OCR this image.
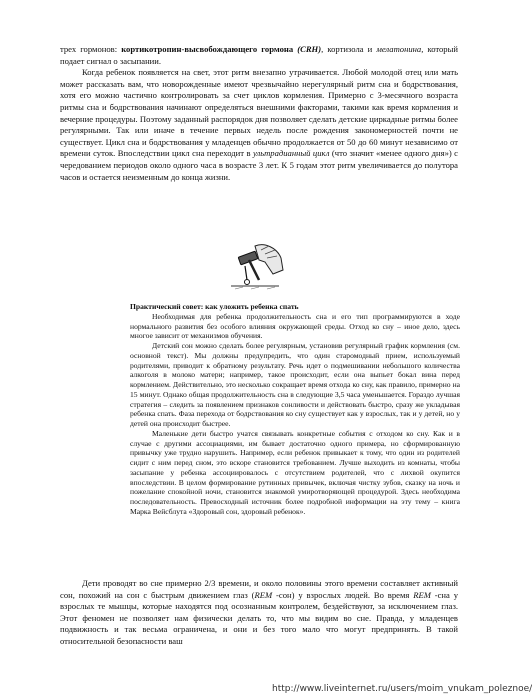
трех гормонов: кортикотропин-высвобождающего гормона (CRH), кортизола и мелатонина, который подает сигнал о засыпании.

Когда ребенок появляется на свет, этот ритм внезапно утрачивается. Любой молодой отец или мать может рассказать вам, что новорожденные имеют чрезвычайно нерегулярный ритм сна и бодрствования, хотя его можно частично контролировать за счет циклов кормления. Примерно с 3-месячного возраста ритмы сна и бодрствования начинают определяться внешними факторами, такими как время кормления и вечерние процедуры. Поэтому заданный распорядок дня позволяет сделать детские циркадные ритмы более регулярными. Так или иначе в течение первых недель после рождения закономерностей почти не существует. Цикл сна и бодрствования у младенцев обычно продолжается от 50 до 60 минут независимо от времени суток. Впоследствии цикл сна переходит в ультрадианный цикл (что значит «менее одного дня») с чередованием периодов около одного часа в возрасте 3 лет. К 5 годам этот ритм увеличивается до полутора часов и остается неизменным до конца жизни.

Практический совет: как уложить ребенка спать

Необходимая для ребенка продолжительность сна и его тип программируются в ходе нормального развития без особого влияния окружающей среды. Отход ко сну – иное дело, здесь многое зависит от механизмов обучения.

Детский сон можно сделать более регулярным, установив регулярный график кормления (см. основной текст). Мы должны предупредить, что один старомодный прием, используемый родителями, приводит к обратному результату. Речь идет о подмешивании небольшого количества алкоголя в молоко матери; например, такое происходит, если она выпьет бокал вина перед кормлением. Действительно, это несколько сокращает время отхода ко сну, как правило, примерно на 15 минут. Однако общая продолжительность сна в следующие 3,5 часа уменьшается. Гораздо лучшая стратегия – следить за появлением признаков сонливости и действовать быстро, сразу же укладывая ребенка спать. Фаза перехода от бодрствования ко сну существует как у взрослых, так и у детей, но у детей она происходит быстрее.

Маленькие дети быстро учатся связывать конкретные события с отходом ко сну. Как и в случае с другими ассоциациями, им бывает достаточно одного примера, но сформированную привычку уже трудно нарушить. Например, если ребенок привыкает к тому, что один из родителей сидит с ним перед сном, это вскоре становится требованием. Лучше выходить из комнаты, чтобы засыпание у ребенка ассоциировалось с отсутствием родителей, что с лихвой окупится впоследствии. В целом формирование рутинных привычек, включая чистку зубов, сказку на ночь и пожелание спокойной ночи, становится знакомой умиротворяющей процедурой. Здесь необходима последовательность. Превосходный источник более подробной информации на эту тему – книга Марка Вейсблута «Здоровый сон, здоровый ребенок».

Дети проводят во сне примерно 2/3 времени, и около половины этого времени составляет активный сон, похожий на сон с быстрым движением глаз (REM -сон) у взрослых людей. Во время REM -сна у взрослых те мышцы, которые находятся под осознанным контролем, бездействуют, за исключением глаз. Этот феномен не позволяет нам физически делать то, что мы видим во сне. Правда, у младенцев подвижность и так весьма ограничена, и они и без того мало что могут предпринять. В такой относительной безопасности ваш

http://www.liveinternet.ru/users/moim_vnukam_poleznoe/
